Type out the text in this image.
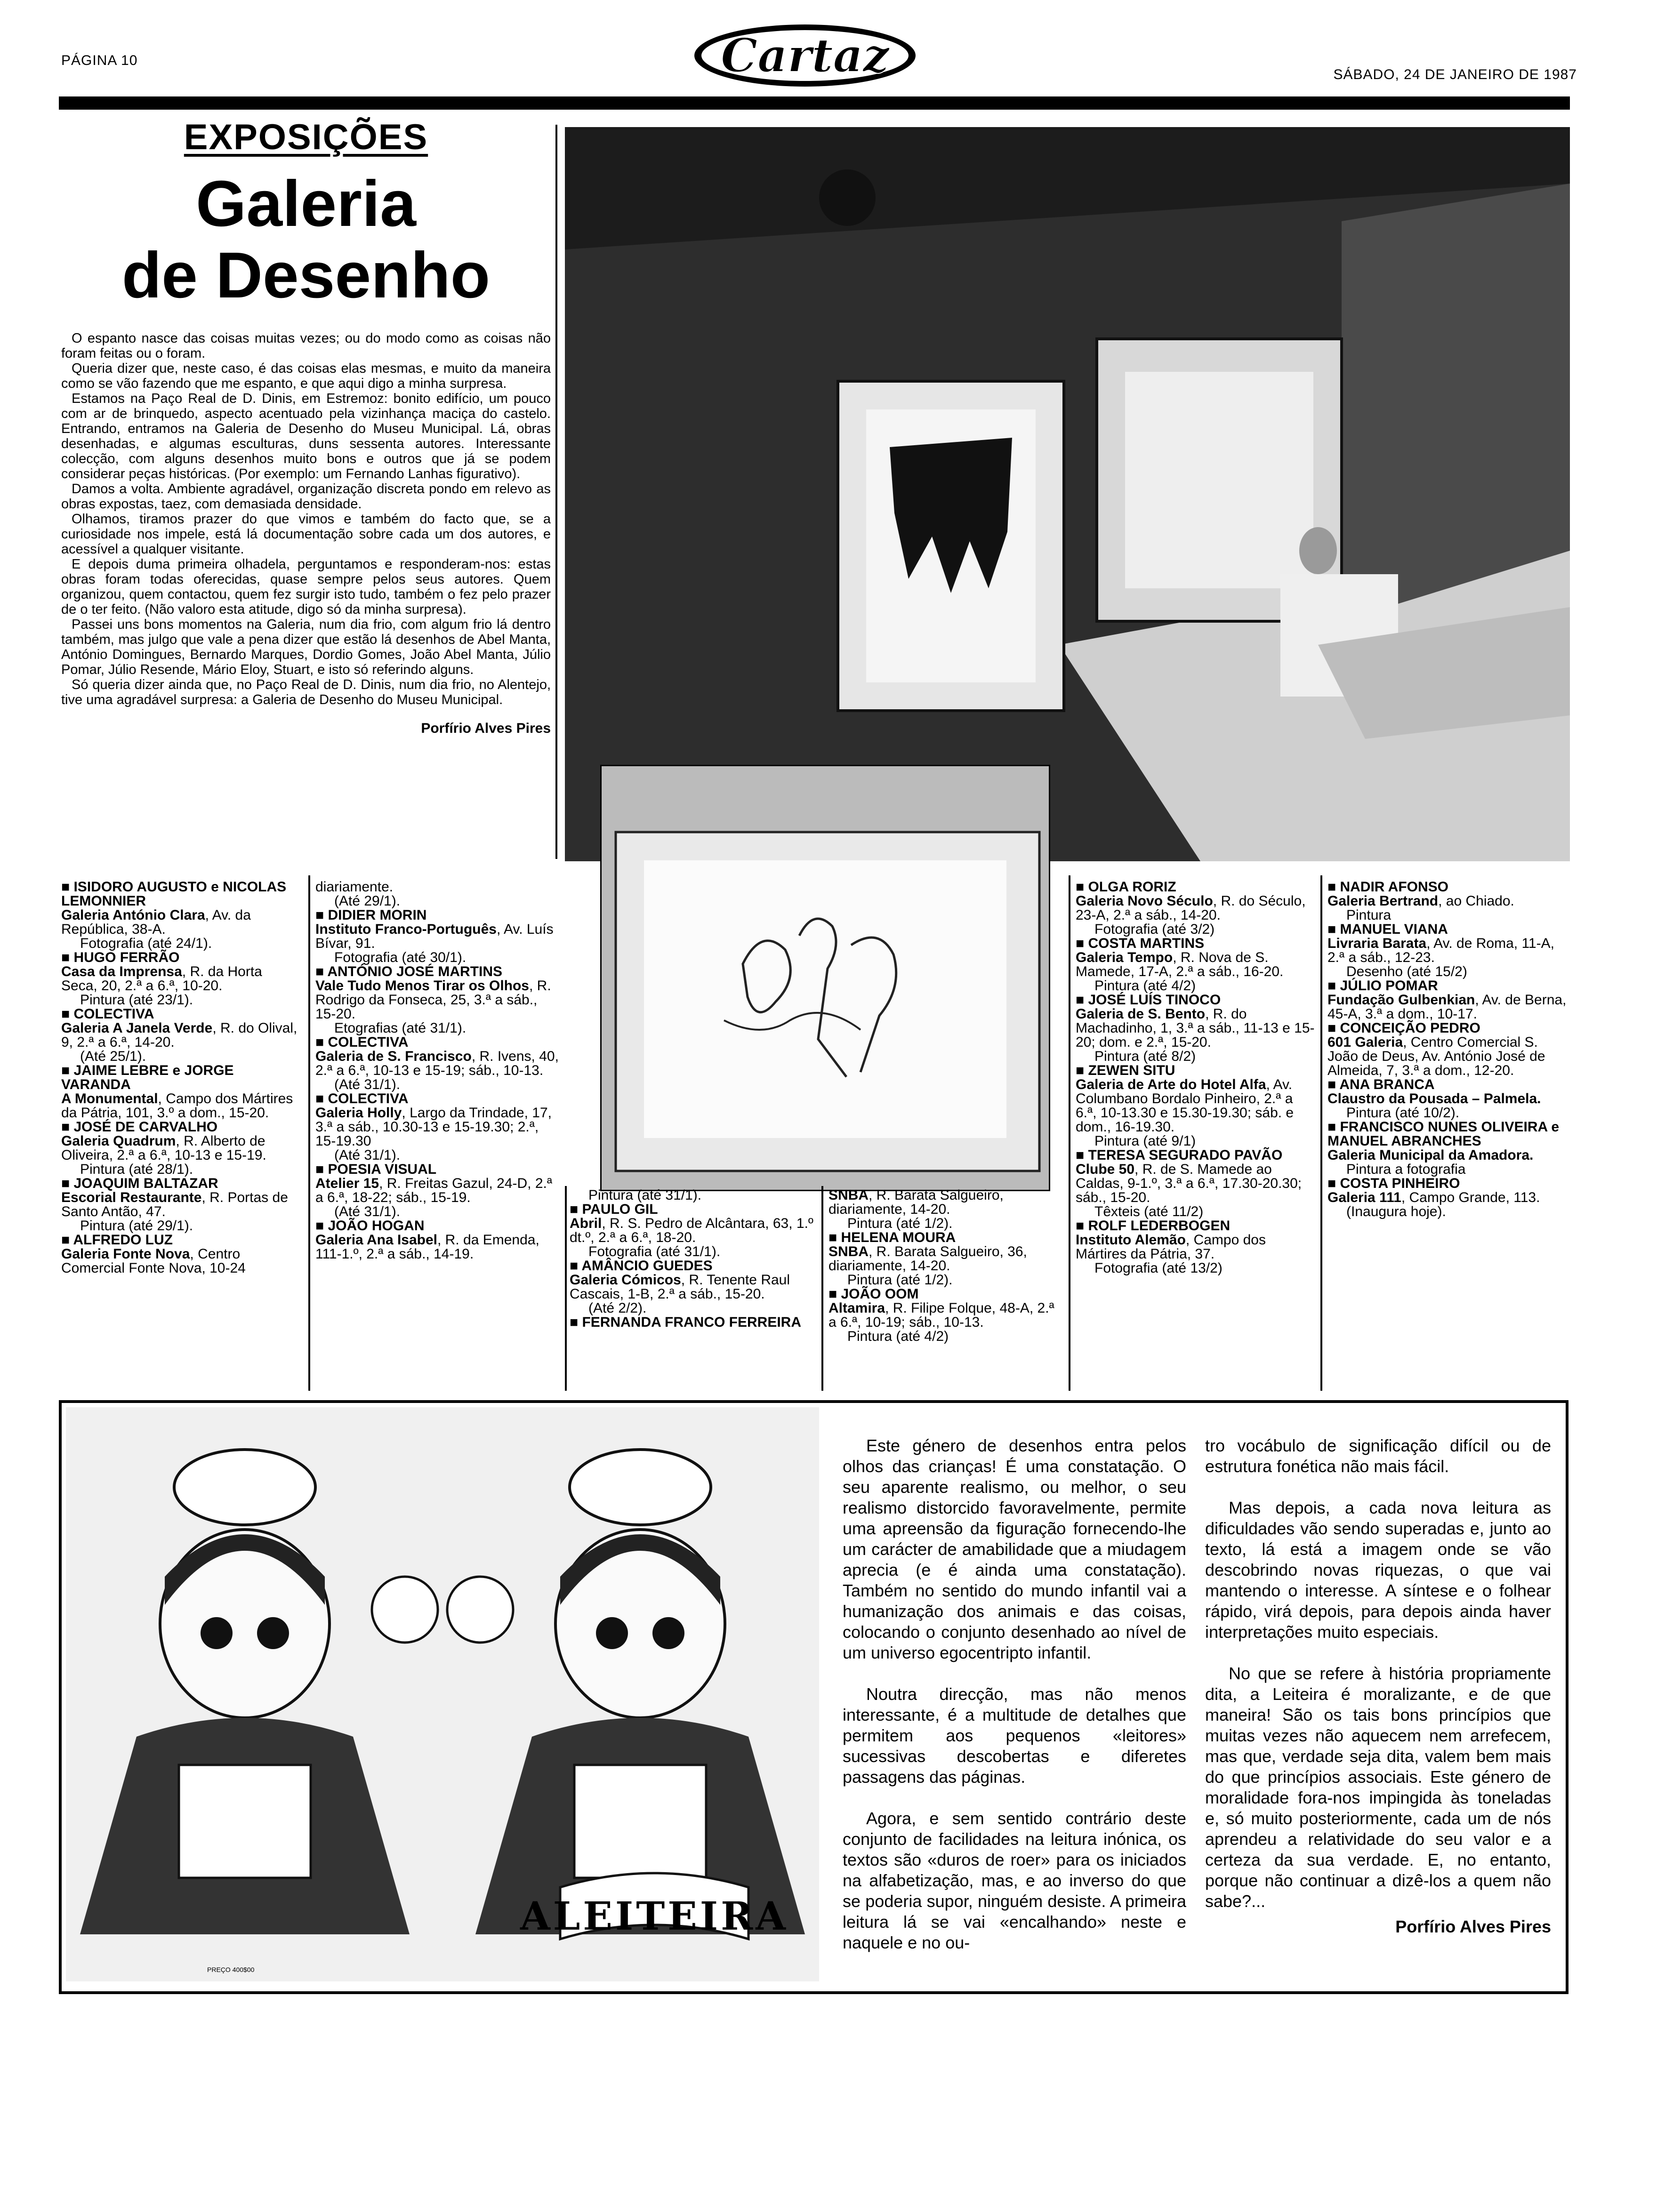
PÁGINA 10	Cartaz	SÁBADO, 24 DE JANEIRO DE 1987
EXPOSIÇÕES
Galeria
de Desenho

O espanto nasce das coisas muitas vezes; ou do modo como as coisas não foram feitas ou o foram.

Queria dizer que, neste caso, é das coisas elas mesmas, e muito da maneira como se vão fazendo que me espanto, e que aqui digo a minha surpresa.

Estamos na Paço Real de D. Dinis, em Estremoz: bonito edifício, um pouco com ar de brinquedo, aspecto acentuado pela vizinhança maciça do castelo. Entrando, entramos na Galeria de Desenho do Museu Municipal. Lá, obras desenhadas, e algumas esculturas, duns sessenta autores. Interessante colecção, com alguns desenhos muito bons e outros que já se podem considerar peças históricas. (Por exemplo: um Fernando Lanhas figurativo).

Damos a volta. Ambiente agradável, organização discreta pondo em relevo as obras expostas, taez, com demasiada densidade.

Olhamos, tiramos prazer do que vimos e também do facto que, se a curiosidade nos impele, está lá documentação sobre cada um dos autores, e acessível a qualquer visitante.

E depois duma primeira olhadela, perguntamos e responderam-nos: estas obras foram todas oferecidas, quase sempre pelos seus autores. Quem organizou, quem contactou, quem fez surgir isto tudo, também o fez pelo prazer de o ter feito. (Não valoro esta atitude, digo só da minha surpresa).

Passei uns bons momentos na Galeria, num dia frio, com algum frio lá dentro também, mas julgo que vale a pena dizer que estão lá desenhos de Abel Manta, António Domingues, Bernardo Marques, Dordio Gomes, João Abel Manta, Júlio Pomar, Júlio Resende, Mário Eloy, Stuart, e isto só referindo alguns.

Só queria dizer ainda que, no Paço Real de D. Dinis, num dia frio, no Alentejo, tive uma agradável surpresa: a Galeria de Desenho do Museu Municipal.

Porfírio Alves Pires
■ ISIDORO AUGUSTO e NICOLAS LEMONNIER
Galeria António Clara, Av. da República, 38-A.
Fotografia (até 24/1).
■ HUGO FERRÃO
Casa da Imprensa, R. da Horta Seca, 20, 2.ª a 6.ª, 10-20.
Pintura (até 23/1).
■ COLECTIVA
Galeria A Janela Verde, R. do Olival, 9, 2.ª a 6.ª, 14-20.
(Até 25/1).
■ JAIME LEBRE e JORGE VARANDA
A Monumental, Campo dos Mártires da Pátria, 101, 3.º a dom., 15-20.
■ JOSÉ DE CARVALHO
Galeria Quadrum, R. Alberto de Oliveira, 2.ª a 6.ª, 10-13 e 15-19.
Pintura (até 28/1).
■ JOAQUIM BALTAZAR
Escorial Restaurante, R. Portas de Santo Antão, 47.
Pintura (até 29/1).
■ ALFREDO LUZ
Galeria Fonte Nova, Centro Comercial Fonte Nova, 10-24
diariamente.
(Até 29/1).
■ DIDIER MORIN
Instituto Franco-Português, Av. Luís Bívar, 91.
Fotografia (até 30/1).
■ ANTÓNIO JOSÉ MARTINS
Vale Tudo Menos Tirar os Olhos, R. Rodrigo da Fonseca, 25, 3.ª a sáb., 15-20.
Etografias (até 31/1).
■ COLECTIVA
Galeria de S. Francisco, R. Ivens, 40, 2.ª a 6.ª, 10-13 e 15-19; sáb., 10-13.
(Até 31/1).
■ COLECTIVA
Galeria Holly, Largo da Trindade, 17, 3.ª a sáb., 10.30-13 e 15-19.30; 2.ª, 15-19.30
(Até 31/1).
■ POESIA VISUAL
Atelier 15, R. Freitas Gazul, 24-D, 2.ª a 6.ª, 18-22; sáb., 15-19.
(Até 31/1).
■ JOÃO HOGAN
Galeria Ana Isabel, R. da Emenda, 111-1.º, 2.ª a sáb., 14-19.
Pintura (até 31/1).
■ PAULO GIL
Abril, R. S. Pedro de Alcântara, 63, 1.º dt.º, 2.ª a 6.ª, 18-20.
Fotografia (até 31/1).
■ AMÂNCIO GUEDES
Galeria Cómicos, R. Tenente Raul Cascais, 1-B, 2.ª a sáb., 15-20.
(Até 2/2).
■ FERNANDA FRANCO FERREIRA
SNBA, R. Barata Salgueiro, diariamente, 14-20.
Pintura (até 1/2).
■ HELENA MOURA
SNBA, R. Barata Salgueiro, 36, diariamente, 14-20.
Pintura (até 1/2).
■ JOÃO OOM
Altamira, R. Filipe Folque, 48-A, 2.ª a 6.ª, 10-19; sáb., 10-13.
Pintura (até 4/2)
■ OLGA RORIZ
Galeria Novo Século, R. do Século, 23-A, 2.ª a sáb., 14-20.
Fotografia (até 3/2)
■ COSTA MARTINS
Galeria Tempo, R. Nova de S. Mamede, 17-A, 2.ª a sáb., 16-20.
Pintura (até 4/2)
■ JOSÉ LUÍS TINOCO
Galeria de S. Bento, R. do Machadinho, 1, 3.ª a sáb., 11-13 e 15-20; dom. e 2.ª, 15-20.
Pintura (até 8/2)
■ ZEWEN SITU
Galeria de Arte do Hotel Alfa, Av. Columbano Bordalo Pinheiro, 2.ª a 6.ª, 10-13.30 e 15.30-19.30; sáb. e dom., 16-19.30.
Pintura (até 9/1)
■ TERESA SEGURADO PAVÃO
Clube 50, R. de S. Mamede ao Caldas, 9-1.º, 3.ª a 6.ª, 17.30-20.30; sáb., 15-20.
Têxteis (até 11/2)
■ ROLF LEDERBOGEN
Instituto Alemão, Campo dos Mártires da Pátria, 37.
Fotografia (até 13/2)
■ NADIR AFONSO
Galeria Bertrand, ao Chiado.
Pintura
■ MANUEL VIANA
Livraria Barata, Av. de Roma, 11-A, 2.ª a sáb., 12-23.
Desenho (até 15/2)
■ JÚLIO POMAR
Fundação Gulbenkian, Av. de Berna, 45-A, 3.ª a dom., 10-17.
■ CONCEIÇÃO PEDRO
601 Galeria, Centro Comercial S. João de Deus, Av. António José de Almeida, 7, 3.ª a dom., 12-20.
■ ANA BRANCA
Claustro da Pousada – Palmela.
Pintura (até 10/2).
■ FRANCISCO NUNES OLIVEIRA e MANUEL ABRANCHES
Galeria Municipal da Amadora.
Pintura a fotografia
■ COSTA PINHEIRO
Galeria 111, Campo Grande, 113.
(Inaugura hoje).
ALEITEIRA
PREÇO 400$00

Este género de desenhos entra pelos olhos das crianças! É uma constatação. O seu aparente realismo, ou melhor, o seu realismo distorcido favoravelmente, permite uma apreensão da figuração fornecendo-lhe um carácter de amabilidade que a miudagem aprecia (e é ainda uma constatação). Também no sentido do mundo infantil vai a humanização dos animais e das coisas, colocando o conjunto desenhado ao nível de um universo egocentripto infantil.

Noutra direcção, mas não menos interessante, é a multitude de detalhes que permitem aos pequenos «leitores» sucessivas descobertas e diferetes passagens das páginas.

Agora, e sem sentido contrário deste conjunto de facilidades na leitura inónica, os textos são «duros de roer» para os iniciados na alfabetização, mas, e ao inverso do que se poderia supor, ninguém desiste. A primeira leitura lá se vai «encalhando» neste e naquele e no ou-

tro vocábulo de significação difícil ou de estrutura fonética não mais fácil.

Mas depois, a cada nova leitura as dificuldades vão sendo superadas e, junto ao texto, lá está a imagem onde se vão descobrindo novas riquezas, o que vai mantendo o interesse. A síntese e o folhear rápido, virá depois, para depois ainda haver interpretações muito especiais.

No que se refere à história propriamente dita, a Leiteira é moralizante, e de que maneira! São os tais bons princípios que muitas vezes não aquecem nem arrefecem, mas que, verdade seja dita, valem bem mais do que princípios associais. Este género de moralidade fora-nos impingida às toneladas e, só muito posteriormente, cada um de nós aprendeu a relatividade do seu valor e a certeza da sua verdade. E, no entanto, porque não continuar a dizê-los a quem não sabe?...

Porfírio Alves Pires
